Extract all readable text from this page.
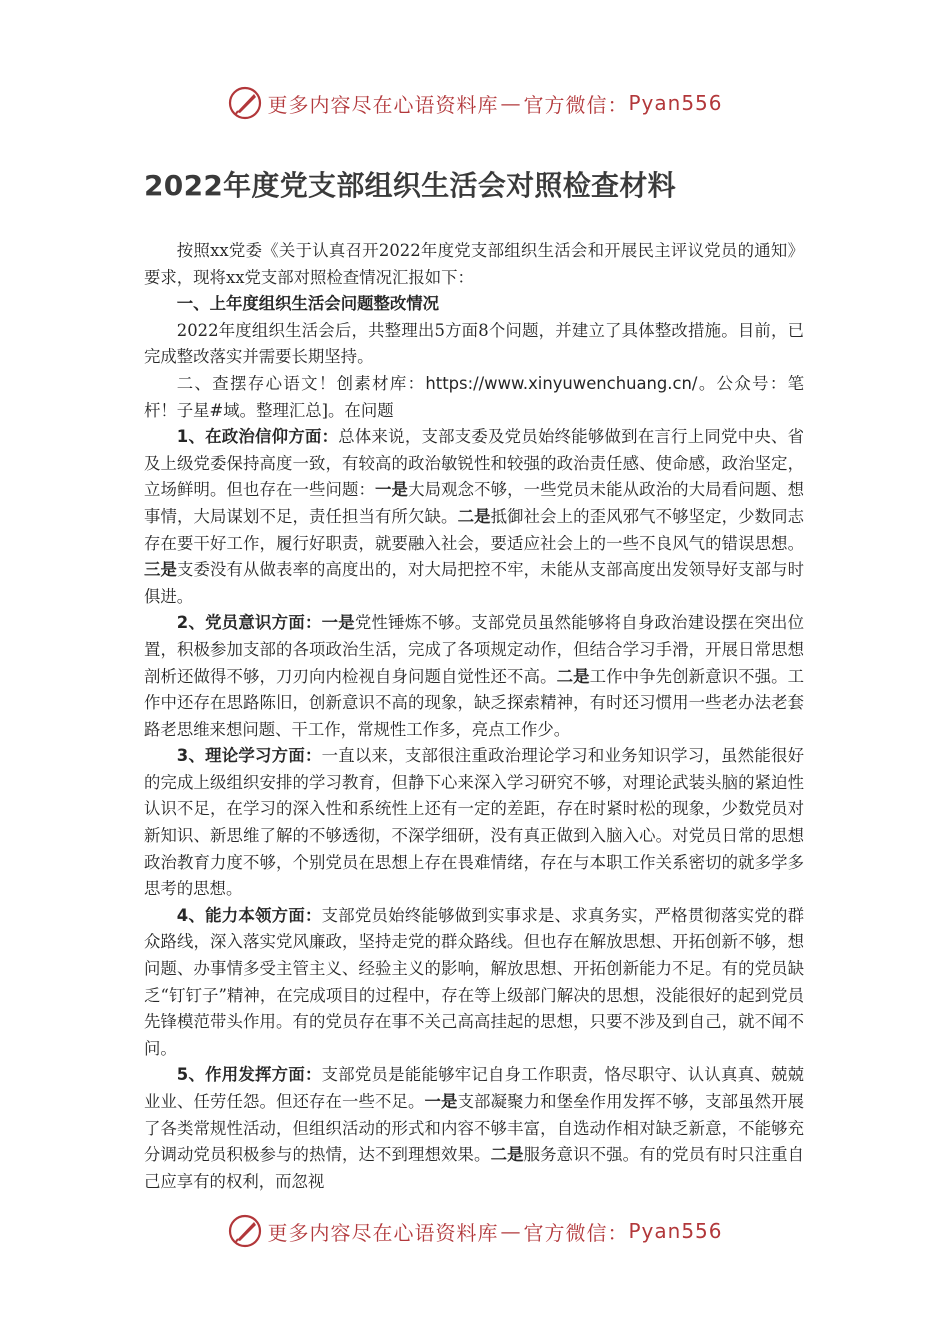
更多内容尽在心语资料库 — 官方微信： Pyan556
2022年度党支部组织生活会对照检查材料

按照xx党委《关于认真召开2022年度党支部组织生活会和开展民主评议党员的通知》要求，现将xx党支部对照检查情况汇报如下：

一、上年度组织生活会问题整改情况

2022年度组织生活会后，共整理出5方面8个问题，并建立了具体整改措施。目前，已完成整改落实并需要长期坚持。

二、查摆存心语文！创素材库：https://www.xinyuwenchuang.cn/。公众号：笔杆！子星#域。整理汇总]。在问题

1、在政治信仰方面：总体来说，支部支委及党员始终能够做到在言行上同党中央、省及上级党委保持高度一致，有较高的政治敏锐性和较强的政治责任感、使命感，政治坚定，立场鲜明。但也存在一些问题：一是大局观念不够，一些党员未能从政治的大局看问题、想事情，大局谋划不足，责任担当有所欠缺。二是抵御社会上的歪风邪气不够坚定，少数同志存在要干好工作，履行好职责，就要融入社会，要适应社会上的一些不良风气的错误思想。三是支委没有从做表率的高度出的，对大局把控不牢，未能从支部高度出发领导好支部与时俱进。

2、党员意识方面：一是党性锤炼不够。支部党员虽然能够将自身政治建设摆在突出位置，积极参加支部的各项政治生活，完成了各项规定动作，但结合学习手滑，开展日常思想剖析还做得不够，刀刃向内检视自身问题自觉性还不高。二是工作中争先创新意识不强。工作中还存在思路陈旧，创新意识不高的现象，缺乏探索精神，有时还习惯用一些老办法老套路老思维来想问题、干工作，常规性工作多，亮点工作少。

3、理论学习方面：一直以来，支部很注重政治理论学习和业务知识学习，虽然能很好的完成上级组织安排的学习教育，但静下心来深入学习研究不够，对理论武装头脑的紧迫性认识不足，在学习的深入性和系统性上还有一定的差距，存在时紧时松的现象，少数党员对新知识、新思维了解的不够透彻，不深学细研，没有真正做到入脑入心。对党员日常的思想政治教育力度不够，个别党员在思想上存在畏难情绪，存在与本职工作关系密切的就多学多思考的思想。

4、能力本领方面：支部党员始终能够做到实事求是、求真务实，严格贯彻落实党的群众路线，深入落实党风廉政，坚持走党的群众路线。但也存在解放思想、开拓创新不够，想问题、办事情多受主管主义、经验主义的影响，解放思想、开拓创新能力不足。有的党员缺乏“钉钉子”精神，在完成项目的过程中，存在等上级部门解决的思想，没能很好的起到党员先锋模范带头作用。有的党员存在事不关己高高挂起的思想，只要不涉及到自己，就不闻不问。

5、作用发挥方面：支部党员是能能够牢记自身工作职责，恪尽职守、认认真真、兢兢业业、任劳任怨。但还存在一些不足。一是支部凝聚力和堡垒作用发挥不够，支部虽然开展了各类常规性活动，但组织活动的形式和内容不够丰富，自选动作相对缺乏新意，不能够充分调动党员积极参与的热情，达不到理想效果。二是服务意识不强。有的党员有时只注重自己应享有的权利，而忽视

更多内容尽在心语资料库 — 官方微信： Pyan556
